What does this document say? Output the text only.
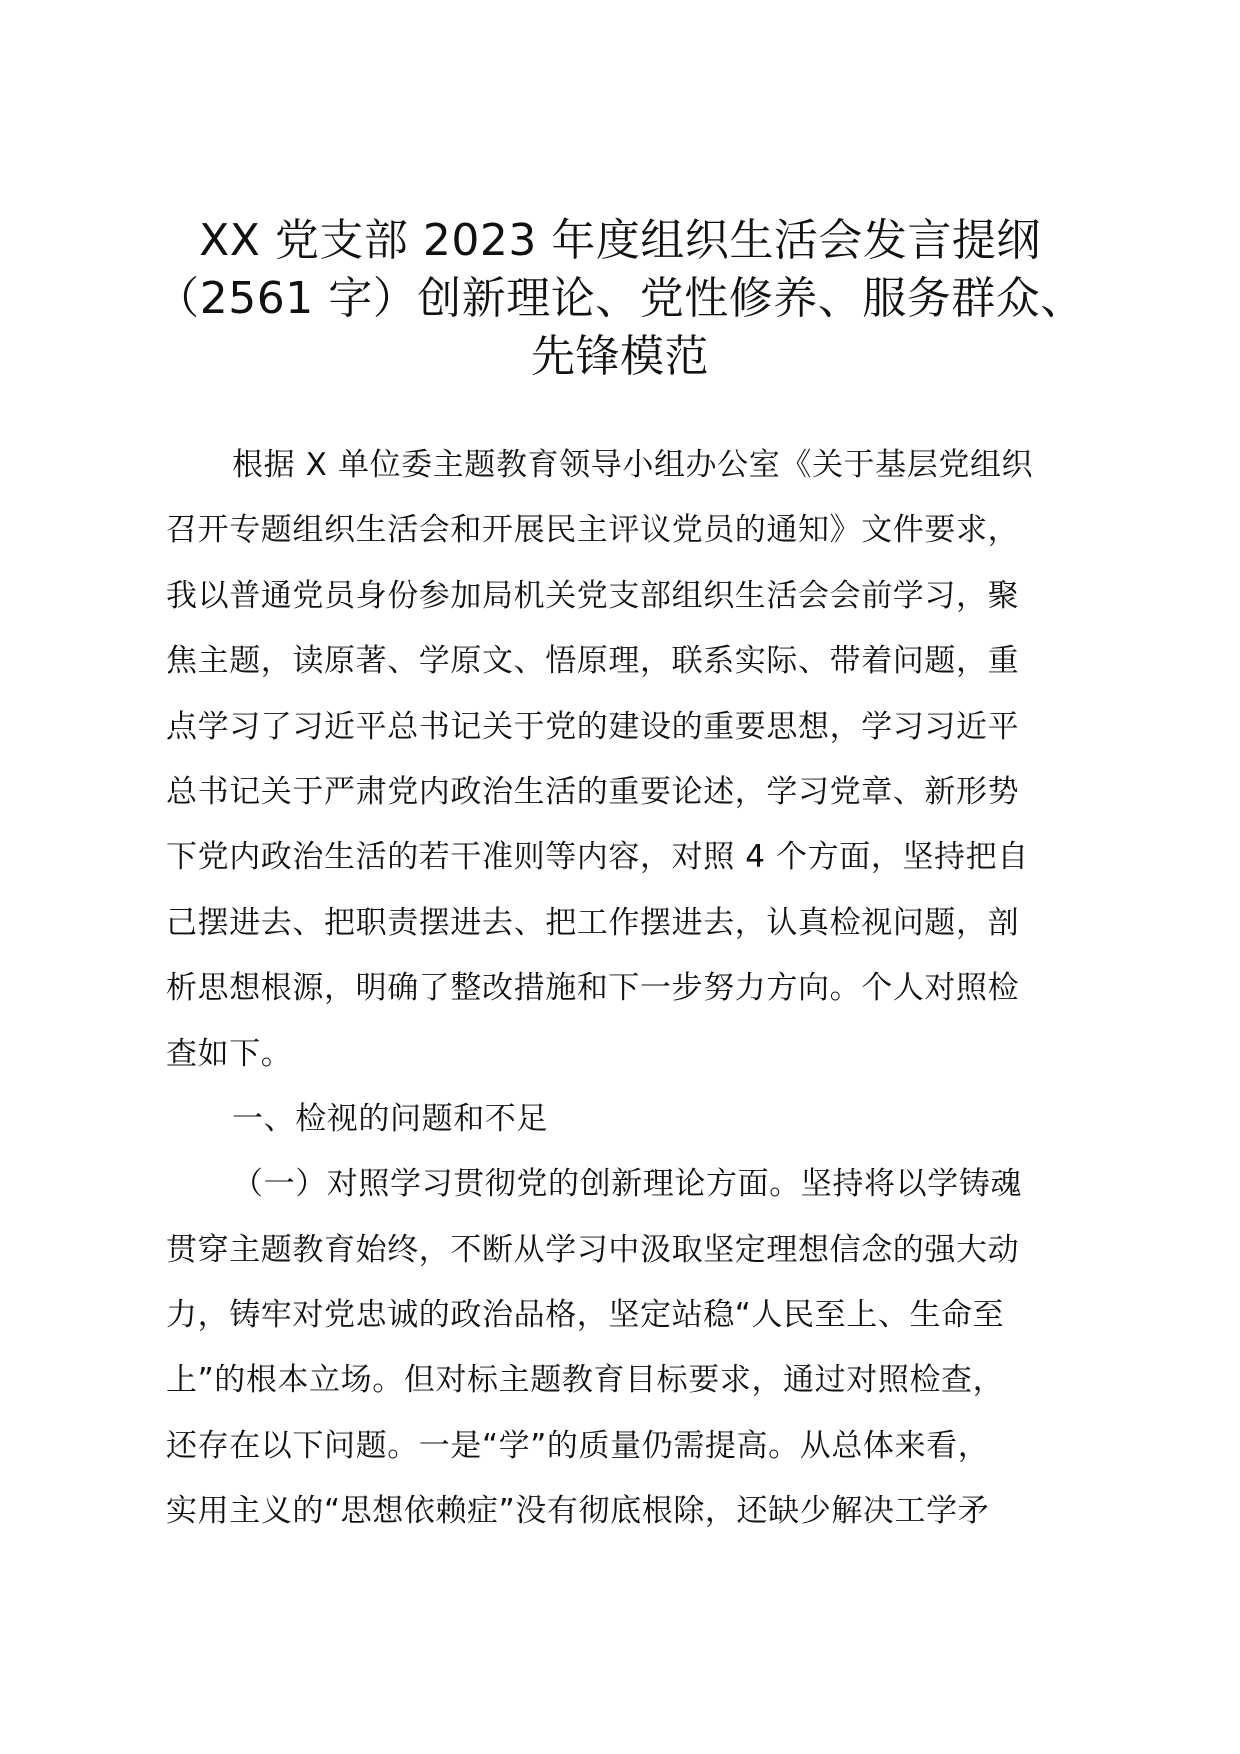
XX 党支部 2023 年度组织生活会发言提纲
（2561 字）创新理论、党性修养、服务群众、
先锋模范
根据 X 单位委主题教育领导小组办公室《关于基层党组织
召开专题组织生活会和开展民主评议党员的通知》文件要求，
我以普通党员身份参加局机关党支部组织生活会会前学习，聚
焦主题，读原著、学原文、悟原理，联系实际、带着问题，重
点学习了习近平总书记关于党的建设的重要思想，学习习近平
总书记关于严肃党内政治生活的重要论述，学习党章、新形势
下党内政治生活的若干准则等内容，对照 4 个方面，坚持把自
己摆进去、把职责摆进去、把工作摆进去，认真检视问题，剖
析思想根源，明确了整改措施和下一步努力方向。个人对照检
查如下。
一、检视的问题和不足
（一）对照学习贯彻党的创新理论方面。坚持将以学铸魂
贯穿主题教育始终，不断从学习中汲取坚定理想信念的强大动
力，铸牢对党忠诚的政治品格，坚定站稳“人民至上、生命至
上”的根本立场。但对标主题教育目标要求，通过对照检查，
还存在以下问题。一是“学”的质量仍需提高。从总体来看，
实用主义的“思想依赖症”没有彻底根除，还缺少解决工学矛
